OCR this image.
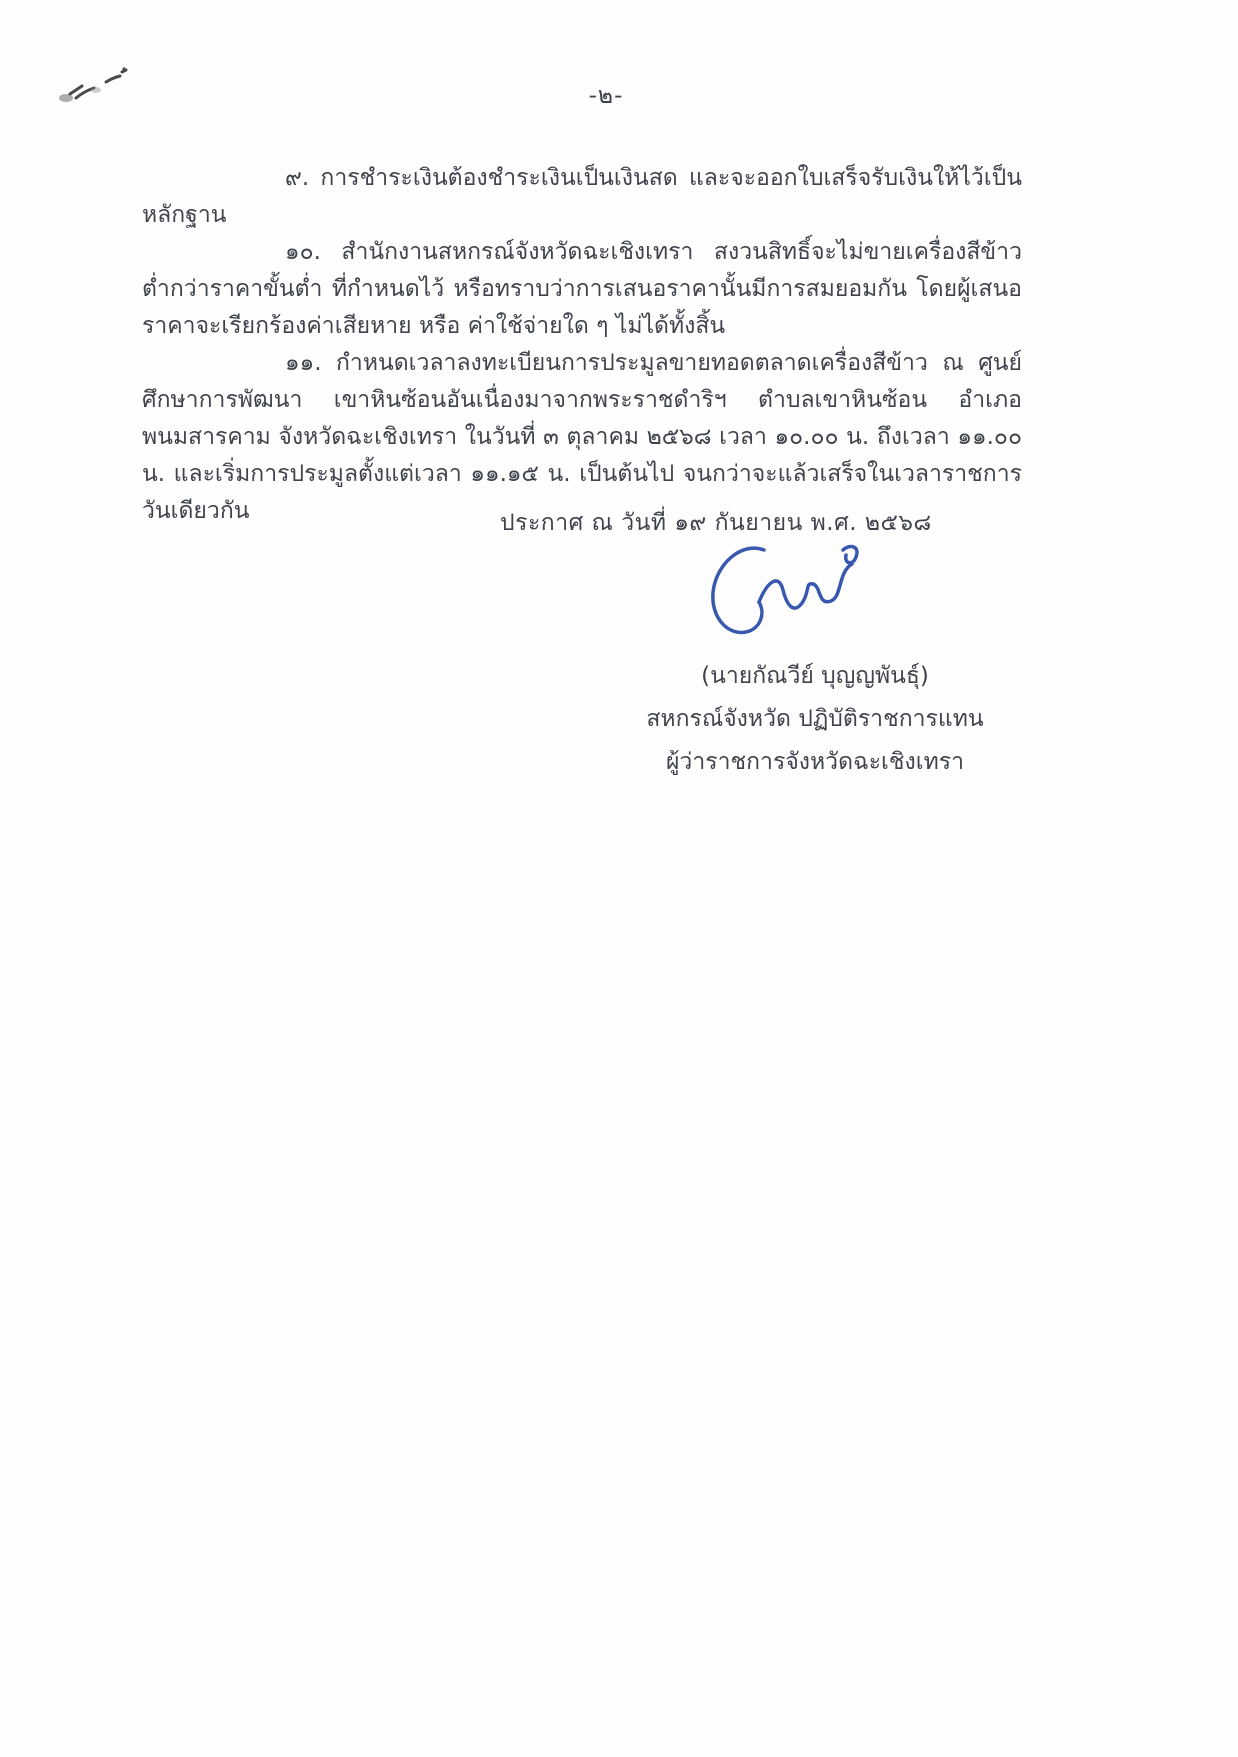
-๒-

๙. การชำระเงินต้องชำระเงินเป็นเงินสด และจะออกใบเสร็จรับเงินให้ไว้เป็นหลักฐาน

๑๐. สำนักงานสหกรณ์จังหวัดฉะเชิงเทรา สงวนสิทธิ์จะไม่ขายเครื่องสีข้าว ต่ำกว่าราคาขั้นต่ำ ที่กำหนดไว้ หรือทราบว่าการเสนอราคานั้นมีการสมยอมกัน โดยผู้เสนอราคาจะเรียกร้องค่าเสียหาย หรือ ค่าใช้จ่ายใด ๆ ไม่ได้ทั้งสิ้น

๑๑. กำหนดเวลาลงทะเบียนการประมูลขายทอดตลาดเครื่องสีข้าว ณ ศูนย์ศึกษาการพัฒนา เขาหินซ้อนอันเนื่องมาจากพระราชดำริฯ ตำบลเขาหินซ้อน อำเภอพนมสารคาม จังหวัดฉะเชิงเทรา ในวันที่ ๓ ตุลาคม ๒๕๖๘ เวลา ๑๐.๐๐ น. ถึงเวลา ๑๑.๐๐ น. และเริ่มการประมูลตั้งแต่เวลา ๑๑.๑๕ น. เป็นต้นไป จนกว่าจะแล้วเสร็จในเวลาราชการวันเดียวกัน	ประกาศ ณ วันที่ ๑๙ กันยายน พ.ศ. ๒๕๖๘
(นายกัณวีย์ บุญญพันธุ์)
สหกรณ์จังหวัด ปฏิบัติราชการแทน
ผู้ว่าราชการจังหวัดฉะเชิงเทรา
